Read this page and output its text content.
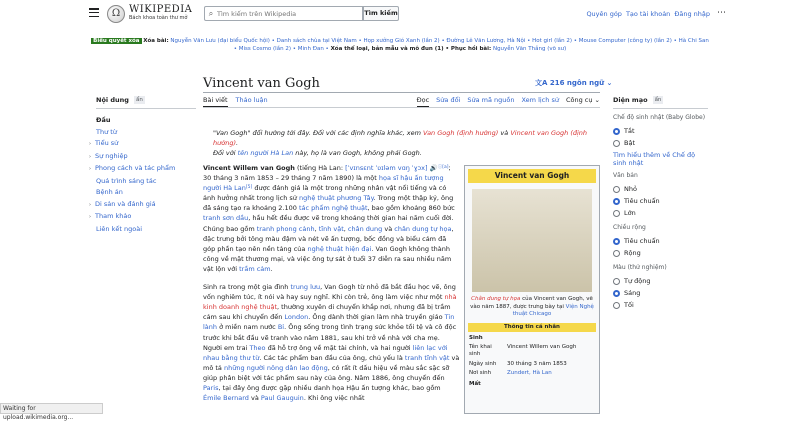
Ω WIKIPEDIA
Bách khoa toàn thư mở
⌕
Tìm kiếm trên Wikipedia	Tìm kiếm	Quyên góp Tạo tài khoản Đăng nhập ⋯
Biểu quyết xóa Xóa bài: Nguyễn Văn Lưu (đại biểu Quốc hội) • Danh sách chùa tại Việt Nam • Họp xưởng Gió Xanh (lần 2) • Đường Lê Văn Lương, Hà Nội • Hot girl (lần 2) • Mouse Computer (công ty) (lần 2) • Hà Chi San • Miss Cosmo (lần 2) • Minh Đan • Xóa thể loại, bản mẫu và mô đun (1) • Phục hồi bài: Nguyễn Văn Thắng (võ sư)
Nội dung	ẩn
Đầu
Thư từ
› Tiểu sử
› Sự nghiệp
› Phong cách và tác phẩm
Quá trình sáng tác
Bệnh án
› Di sản và đánh giá
› Tham khảo
Liên kết ngoài
Vincent van Gogh	文A 216 ngôn ngữ ⌄
Bài viết Thảo luận	Đọc Sửa đổi Sửa mã nguồn Xem lịch sử Công cụ ⌄
"Van Gogh" đổi hướng tới đây. Đối với các định nghĩa khác, xem Van Gogh (định hướng) và Vincent van Gogh (định hướng).
Đối với tên người Hà Lan này, họ là van Gogh, không phải Gogh.

Vincent Willem van Gogh (tiếng Hà Lan: [ˈvɪnsɛnt ˈʋɪləm vɑŋ ˈɣɔx] 🔊$^{ⓘ[a]}$; 30 tháng 3 năm 1853 – 29 tháng 7 năm 1890) là một họa sĩ hậu ấn tượng người Hà Lan[5] được đánh giá là một trong những nhân vật nổi tiếng và có ảnh hưởng nhất trong lịch sử nghệ thuật phương Tây. Trong một thập kỷ, ông đã sáng tạo ra khoảng 2.100 tác phẩm nghệ thuật, bao gồm khoảng 860 bức tranh sơn dầu, hầu hết đều được vẽ trong khoảng thời gian hai năm cuối đời. Chúng bao gồm tranh phong cảnh, tĩnh vật, chân dung và chân dung tự họa, đặc trưng bởi tông màu đậm và nét vẽ ấn tượng, bốc đồng và biểu cảm đã góp phần tạo nên nền tảng của nghệ thuật hiện đại. Van Gogh không thành công về mặt thương mại, và việc ông tự sát ở tuổi 37 diễn ra sau nhiều năm vật lộn với trầm cảm.

Sinh ra trong một gia đình trung lưu, Van Gogh từ nhỏ đã bắt đầu học vẽ, ông vốn nghiêm túc, ít nói và hay suy nghĩ. Khi còn trẻ, ông làm việc như một nhà kinh doanh nghệ thuật, thường xuyên di chuyển khắp nơi, nhưng đã bị trầm cảm sau khi chuyển đến London. Ông dành thời gian làm nhà truyền giáo Tin lành ở miền nam nước Bỉ. Ông sống trong tình trạng sức khỏe tồi tệ và cô độc trước khi bắt đầu vẽ tranh vào năm 1881, sau khi trở về nhà với cha mẹ. Người em trai Theo đã hỗ trợ ông về mặt tài chính, và hai người liên lạc với nhau bằng thư từ. Các tác phẩm ban đầu của ông, chủ yếu là tranh tĩnh vật và mô tả những người nông dân lao động, có rất ít dấu hiệu về màu sắc sặc sỡ giúp phân biệt với tác phẩm sau này của ông. Năm 1886, ông chuyển đến Paris, tại đây ông được gặp nhiều danh họa Hậu ấn tượng khác, bao gồm Émile Bernard và Paul Gauguin. Khi ông việc nhất

Vincent van Gogh
Chân dung tự họa của Vincent van Gogh, vẽ vào năm 1887, được trưng bày tại Viện Nghệ thuật Chicago
Thông tin cá nhân
Sinh
Tên khai sinh	Vincent Willem van Gogh
Ngày sinh	30 tháng 3 năm 1853
Nơi sinh	Zundert, Hà Lan
Mất
Diện mạo	ẩn
Chế độ sinh nhật (Baby Globe)
Tắt
Bật
Tìm hiểu thêm về Chế độ sinh nhật
Văn bản
Nhỏ
Tiêu chuẩn
Lớn
Chiều rộng
Tiêu chuẩn
Rộng
Màu (thử nghiệm)
Tự động
Sáng
Tối
Waiting for
